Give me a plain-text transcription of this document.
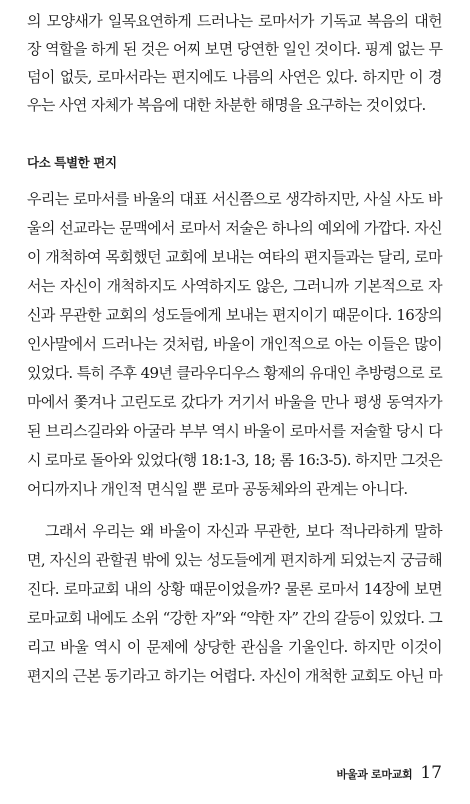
의 모양새가 일목요연하게 드러나는 로마서가 기독교 복음의 대헌
장 역할을 하게 된 것은 어찌 보면 당연한 일인 것이다. 핑계 없는 무
덤이 없듯, 로마서라는 편지에도 나름의 사연은 있다. 하지만 이 경
우는 사연 자체가 복음에 대한 차분한 해명을 요구하는 것이었다.
다소 특별한 편지
우리는 로마서를 바울의 대표 서신쯤으로 생각하지만, 사실 사도 바
울의 선교라는 문맥에서 로마서 저술은 하나의 예외에 가깝다. 자신
이 개척하여 목회했던 교회에 보내는 여타의 편지들과는 달리, 로마
서는 자신이 개척하지도 사역하지도 않은, 그러니까 기본적으로 자
신과 무관한 교회의 성도들에게 보내는 편지이기 때문이다. 16장의
인사말에서 드러나는 것처럼, 바울이 개인적으로 아는 이들은 많이
있었다. 특히 주후 49년 클라우디우스 황제의 유대인 추방령으로 로
마에서 쫓겨나 고린도로 갔다가 거기서 바울을 만나 평생 동역자가
된 브리스길라와 아굴라 부부 역시 바울이 로마서를 저술할 당시 다
시 로마로 돌아와 있었다(행 18:1-3, 18; 롬 16:3-5). 하지만 그것은
어디까지나 개인적 면식일 뿐 로마 공동체와의 관계는 아니다.
그래서 우리는 왜 바울이 자신과 무관한, 보다 적나라하게 말하
면, 자신의 관할권 밖에 있는 성도들에게 편지하게 되었는지 궁금해
진다. 로마교회 내의 상황 때문이었을까? 물론 로마서 14장에 보면
로마교회 내에도 소위 “강한 자”와 “약한 자” 간의 갈등이 있었다. 그
리고 바울 역시 이 문제에 상당한 관심을 기울인다. 하지만 이것이
편지의 근본 동기라고 하기는 어렵다. 자신이 개척한 교회도 아닌 마
바울과 로마교회 17
